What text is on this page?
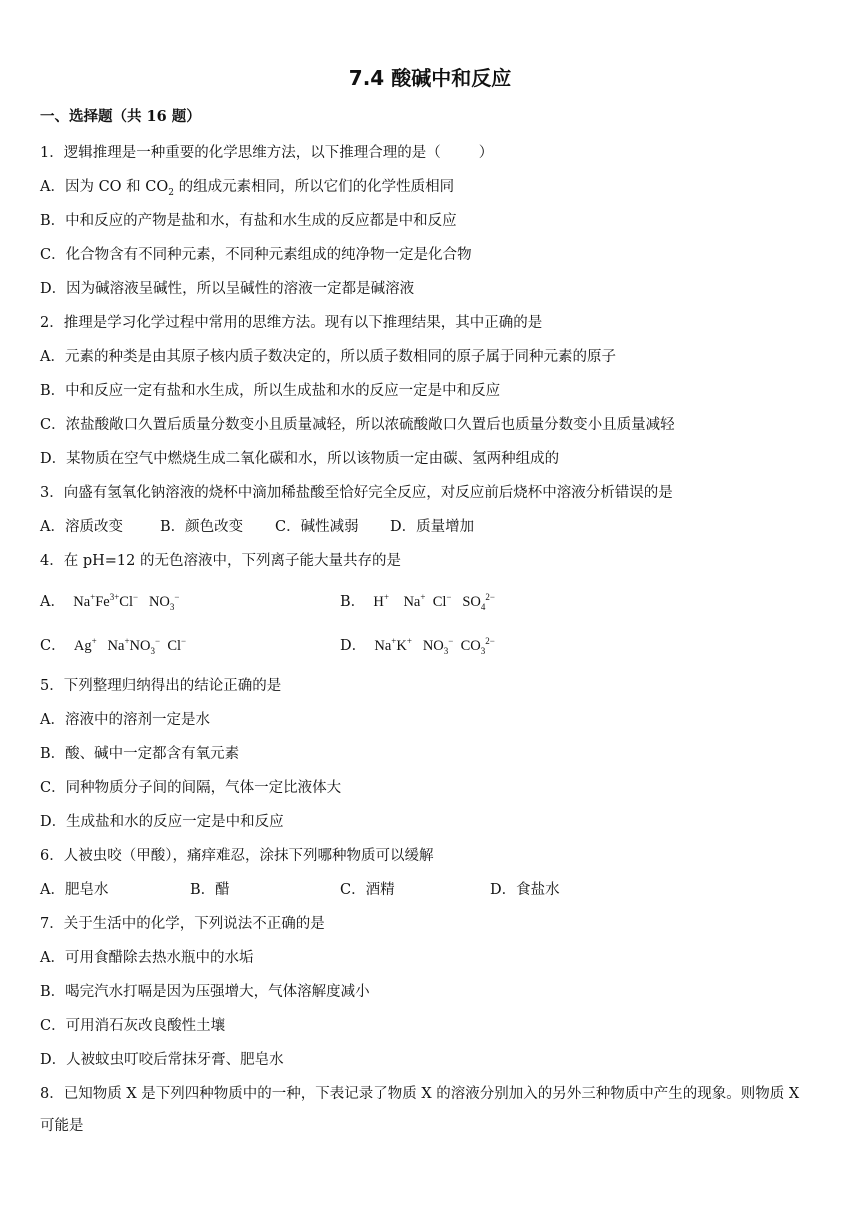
7.4 酸碱中和反应
一、选择题（共 16 题）
1．逻辑推理是一种重要的化学思维方法，以下推理合理的是（	）
A．因为 CO 和 $CO_2$ 的组成元素相同，所以它们的化学性质相同
B．中和反应的产物是盐和水，有盐和水生成的反应都是中和反应
C．化合物含有不同种元素，不同种元素组成的纯净物一定是化合物
D．因为碱溶液呈碱性，所以呈碱性的溶液一定都是碱溶液
2．推理是学习化学过程中常用的思维方法。现有以下推理结果，其中正确的是
A．元素的种类是由其原子核内质子数决定的，所以质子数相同的原子属于同种元素的原子
B．中和反应一定有盐和水生成，所以生成盐和水的反应一定是中和反应
C．浓盐酸敞口久置后质量分数变小且质量减轻，所以浓硫酸敞口久置后也质量分数变小且质量减轻
D．某物质在空气中燃烧生成二氧化碳和水，所以该物质一定由碳、氢两种组成的
3．向盛有氢氧化钠溶液的烧杯中滴加稀盐酸至恰好完全反应，对反应前后烧杯中溶液分析错误的是
A．溶质改变	B．颜色改变 C．碱性减弱 D．质量增加
4．在 pH=12 的无色溶液中，下列离子能大量共存的是
A．  $Na^+Fe^{3+}Cl^-$   $NO_3^-$	B．  H+    Na+  Cl−   $SO_4^{2-}$
C．  Ag+   $Na^+NO_3^-$  Cl−	D．  Na+K+   $NO_3^-$  $CO_3^{2-}$
5．下列整理归纳得出的结论正确的是
A．溶液中的溶剂一定是水
B．酸、碱中一定都含有氧元素
C．同种物质分子间的间隔，气体一定比液体大
D．生成盐和水的反应一定是中和反应
6．人被虫咬（甲酸），痛痒难忍，涂抹下列哪种物质可以缓解
A．肥皂水	B．醋	C．酒精	D．食盐水
7．关于生活中的化学，下列说法不正确的是
A．可用食醋除去热水瓶中的水垢
B．喝完汽水打嗝是因为压强增大，气体溶解度减小
C．可用消石灰改良酸性土壤
D．人被蚊虫叮咬后常抹牙膏、肥皂水
8．已知物质 X 是下列四种物质中的一种，下表记录了物质 X 的溶液分别加入的另外三种物质中产生的现象。则物质 X
可能是
